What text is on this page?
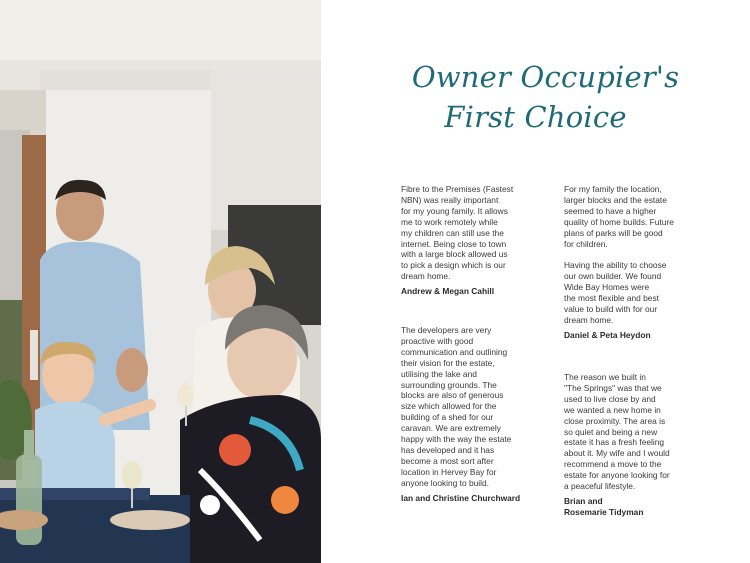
Owner Occupier's
First Choice

Fibre to the Premises (Fastest
NBN) was really important
for my young family. It allows
me to work remotely while
my children can still use the
internet. Being close to town
with a large block allowed us
to pick a design which is our
dream home.

Andrew & Megan Cahill

The developers are very
proactive with good
communication and outlining
their vision for the estate,
utilising the lake and
surrounding grounds. The
blocks are also of generous
size which allowed for the
building of a shed for our
caravan. We are extremely
happy with the way the estate
has developed and it has
become a most sort after
location in Hervey Bay for
anyone looking to build.

Ian and Christine Churchward

For my family the location,
larger blocks and the estate
seemed to have a higher
quality of home builds. Future
plans of parks will be good
for children.

Having the ability to choose
our own builder. We found
Wide Bay Homes were
the most flexible and best
value to build with for our
dream home.

Daniel & Peta Heydon

The reason we built in
"The Springs" was that we
used to live close by and
we wanted a new home in
close proximity. The area is
so quiet and being a new
estate it has a fresh feeling
about it. My wife and I would
recommend a move to the
estate for anyone looking for
a peaceful lifestyle.

Brian and
Rosemarie Tidyman
